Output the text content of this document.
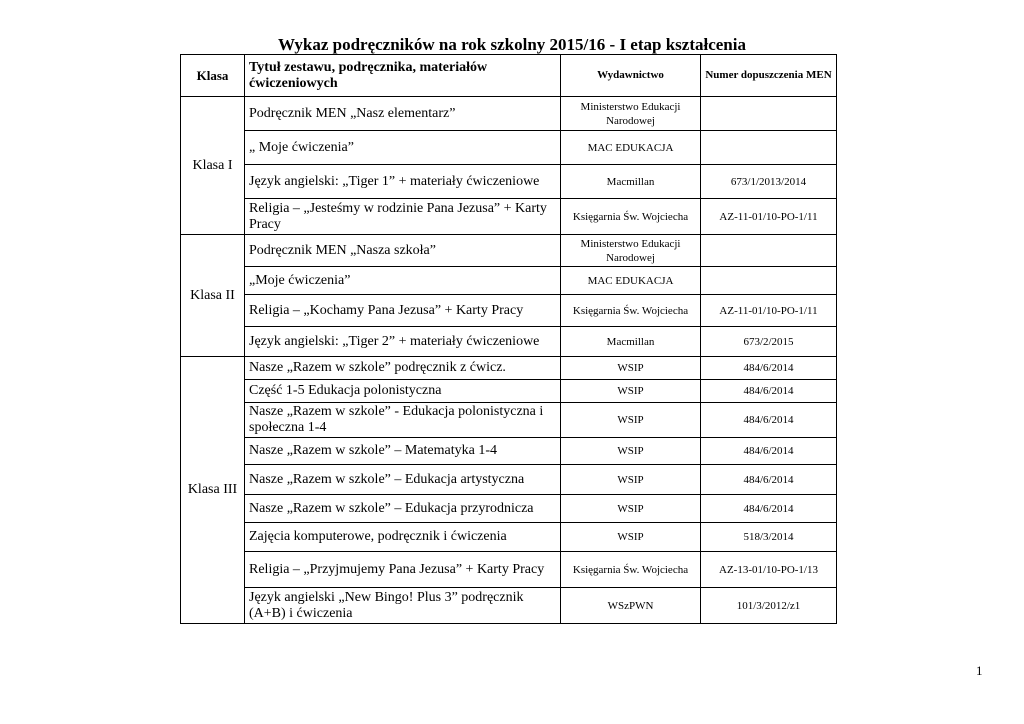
Wykaz podręczników na rok szkolny 2015/16 - I etap kształcenia
Klasa	Tytuł zestawu, podręcznika, materiałów ćwiczeniowych	Wydawnictwo	Numer dopuszczenia MEN
Klasa I	Podręcznik MEN „Nasz elementarz”	Ministerstwo Edukacji Narodowej	
	„ Moje ćwiczenia”	MAC EDUKACJA	
	Język angielski: „Tiger 1” + materiały ćwiczeniowe	Macmillan	673/1/2013/2014
	Religia – „Jesteśmy w rodzinie Pana Jezusa” + Karty Pracy	Księgarnia Św. Wojciecha	AZ-11-01/10-PO-1/11
Klasa II	Podręcznik MEN „Nasza szkoła”	Ministerstwo Edukacji Narodowej	
	„Moje ćwiczenia”	MAC EDUKACJA	
	Religia – „Kochamy Pana Jezusa” + Karty Pracy	Księgarnia Św. Wojciecha	AZ-11-01/10-PO-1/11
	Język angielski: „Tiger 2” + materiały ćwiczeniowe	Macmillan	673/2/2015
Klasa III	Nasze „Razem w szkole” podręcznik z ćwicz.	WSIP	484/6/2014
	Część 1-5 Edukacja polonistyczna	WSIP	484/6/2014
	Nasze „Razem w szkole” - Edukacja polonistyczna i społeczna 1-4	WSIP	484/6/2014
	Nasze „Razem w szkole” – Matematyka 1-4	WSIP	484/6/2014
	Nasze „Razem w szkole” – Edukacja artystyczna	WSIP	484/6/2014
	Nasze „Razem w szkole” – Edukacja przyrodnicza	WSIP	484/6/2014
	Zajęcia komputerowe, podręcznik i ćwiczenia	WSIP	518/3/2014
	Religia – „Przyjmujemy Pana Jezusa” + Karty Pracy	Księgarnia Św. Wojciecha	AZ-13-01/10-PO-1/13
	Język angielski „New Bingo! Plus 3” podręcznik (A+B) i ćwiczenia	WSzPWN	101/3/2012/z1
1
